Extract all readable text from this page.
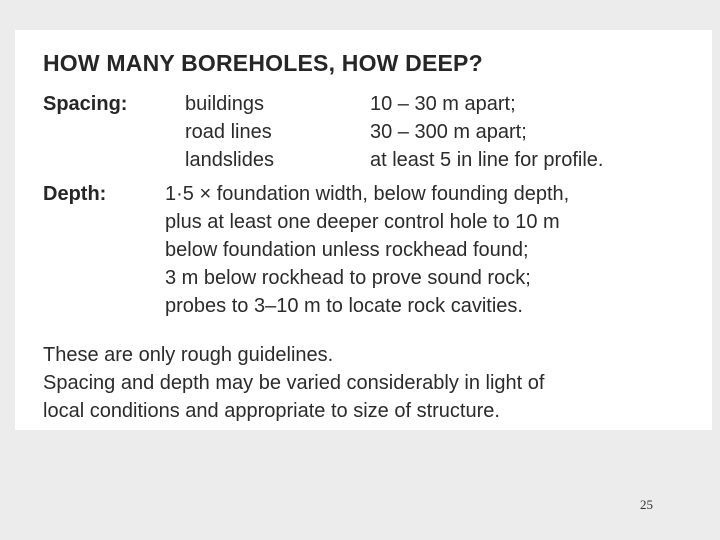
HOW MANY BOREHOLES, HOW DEEP?
Spacing:	buildings	10 – 30 m apart;
road lines	30 – 300 m apart;
landslides	at least 5 in line for profile.
Depth:	1·5 × foundation width, below founding depth,
plus at least one deeper control hole to 10 m
below foundation unless rockhead found;
3 m below rockhead to prove sound rock;
probes to 3–10 m to locate rock cavities.
These are only rough guidelines.
Spacing and depth may be varied considerably in light of
local conditions and appropriate to size of structure.
25
